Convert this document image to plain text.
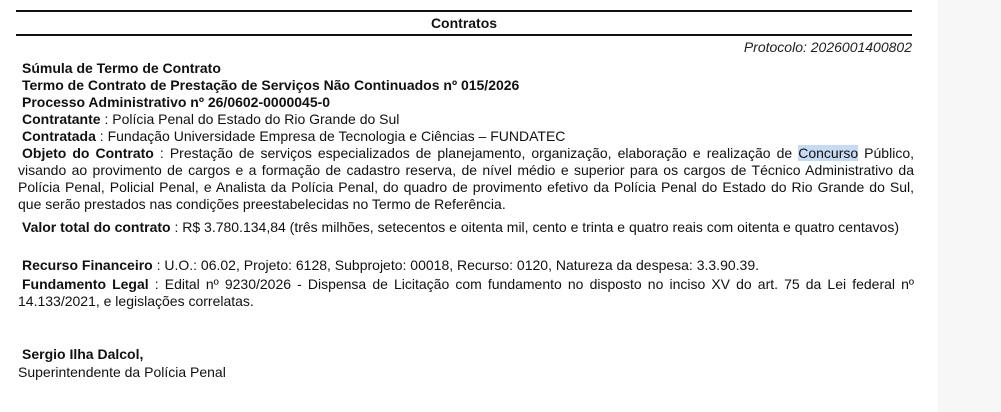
Contratos
Protocolo: 2026001400802
Súmula de Termo de Contrato
Termo de Contrato de Prestação de Serviços Não Continuados nº 015/2026
Processo Administrativo nº 26/0602-0000045-0
Contratante : Polícia Penal do Estado do Rio Grande do Sul
Contratada : Fundação Universidade Empresa de Tecnologia e Ciências – FUNDATEC
Objeto do Contrato : Prestação de serviços especializados de planejamento, organização, elaboração e realização de Concurso Público, visando ao provimento de cargos e a formação de cadastro reserva, de nível médio e superior para os cargos de Técnico Administrativo da Polícia Penal, Policial Penal, e Analista da Polícia Penal, do quadro de provimento efetivo da Polícia Penal do Estado do Rio Grande do Sul, que serão prestados nas condições preestabelecidas no Termo de Referência.
Valor total do contrato : R$ 3.780.134,84 (três milhões, setecentos e oitenta mil, cento e trinta e quatro reais com oitenta e quatro centavos)
Recurso Financeiro : U.O.: 06.02, Projeto: 6128, Subprojeto: 00018, Recurso: 0120, Natureza da despesa: 3.3.90.39.
Fundamento Legal : Edital nº 9230/2026 - Dispensa de Licitação com fundamento no disposto no inciso XV do art. 75 da Lei federal nº 14.133/2021, e legislações correlatas.
Sergio Ilha Dalcol,
Superintendente da Polícia Penal
